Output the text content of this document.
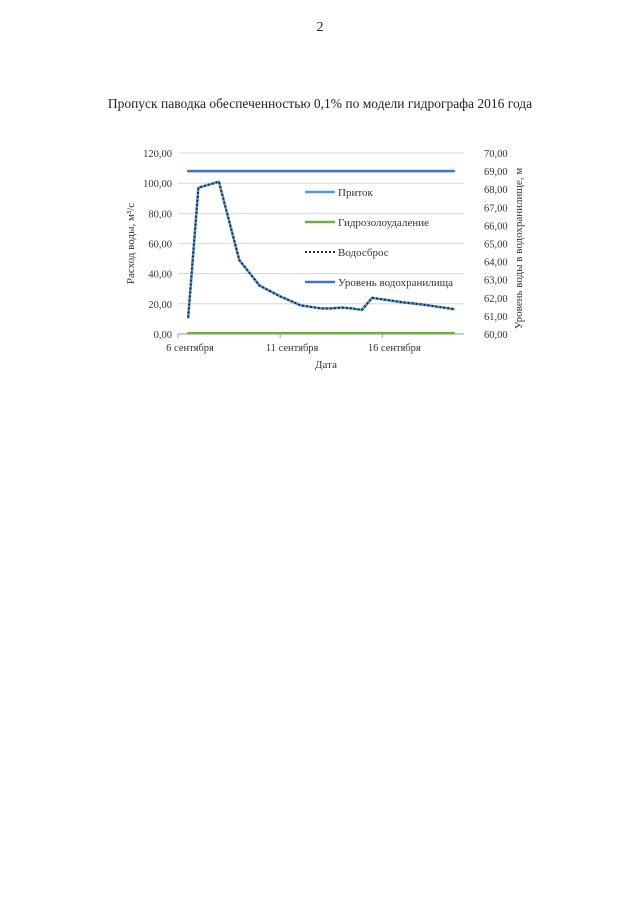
2
Пропуск паводка обеспеченностью 0,1% по модели гидрографа 2016 года
0,00
20,00
40,00
60,00
80,00
100,00
120,00
60,00
61,00
62,00
63,00
64,00
65,00
66,00
67,00
68,00
69,00
70,00
6 сентября	11 сентября	16 сентября
Приток
Гидрозолоудаление
Водосброс
Уровень водохранилища
Дата
Расход воды, м³/с	Уровень воды в водохранилище, м
